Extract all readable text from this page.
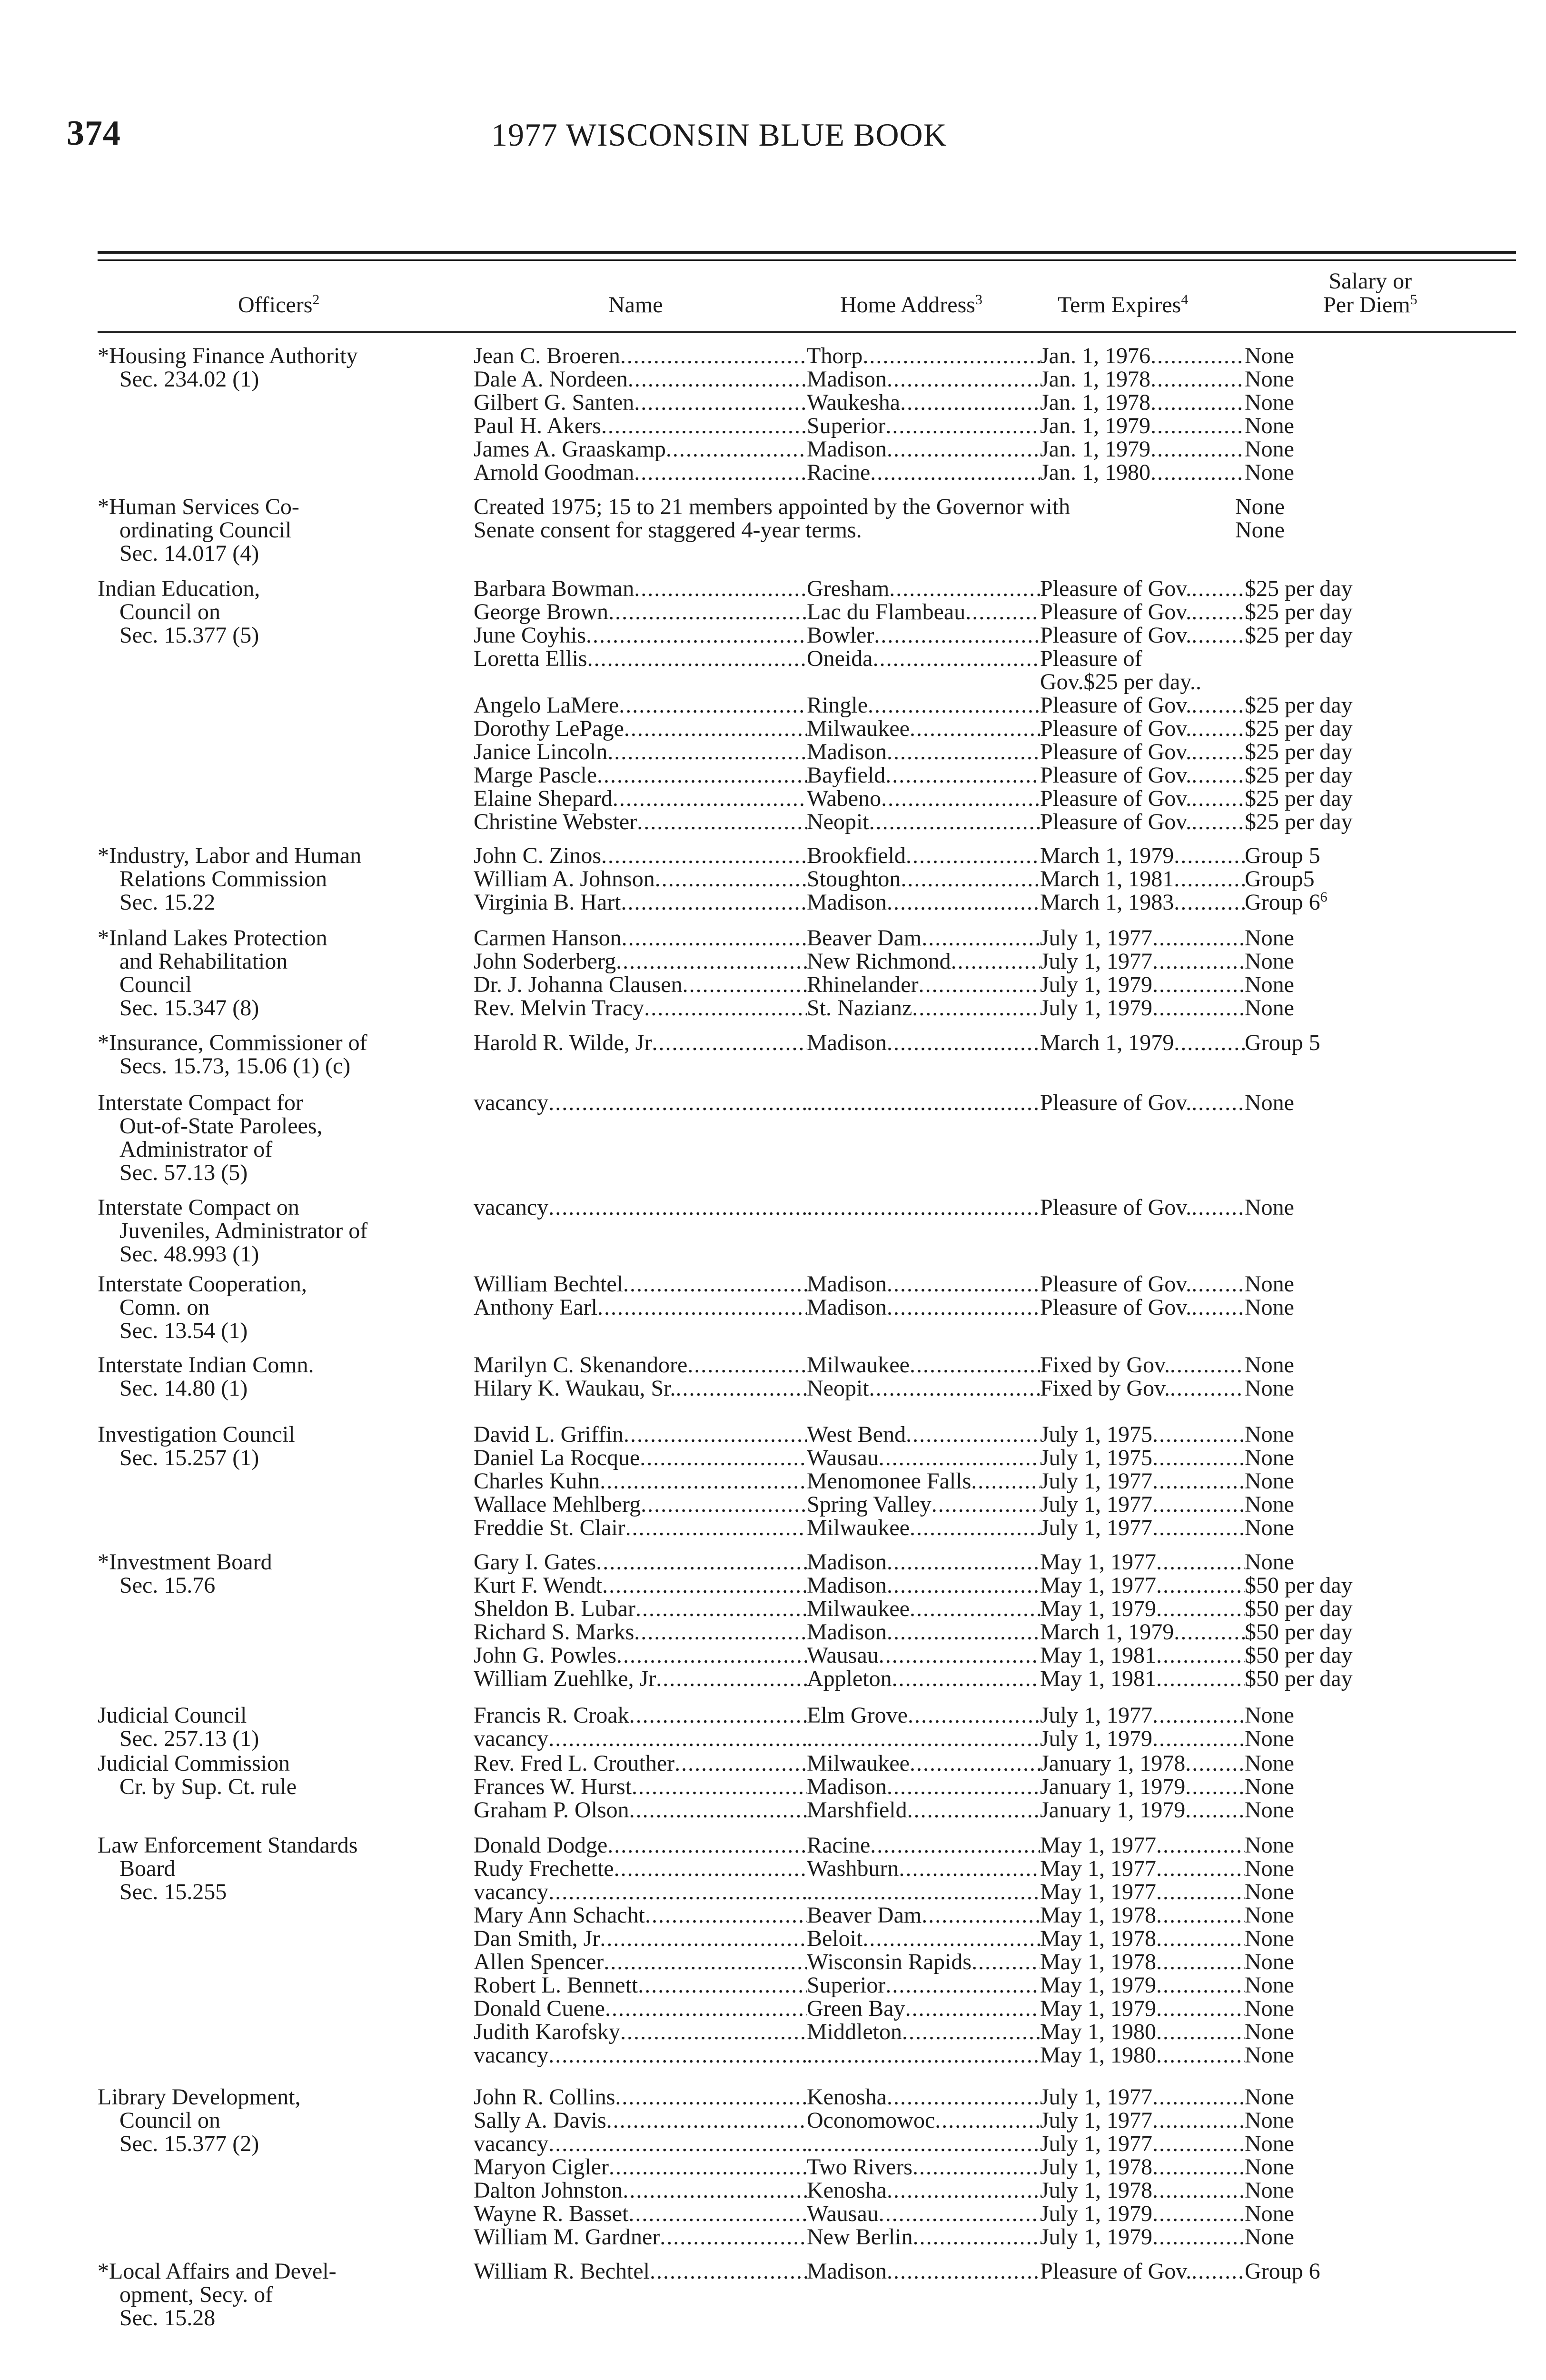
374	1977 WISCONSIN BLUE BOOK
Officers$^2$	Name	Home Address$^3$	Term Expires$^4$
Salary or
Per Diem$^5$
*Housing Finance Authority
Sec. 234.02 (1)
Jean C. Broeren .....	Thorp .....	Jan. 1, 1976 .....	None
Dale A. Nordeen .....	Madison .....	Jan. 1, 1978 .....	None
Gilbert G. Santen .....	Waukesha .....	Jan. 1, 1978 .....	None
Paul H. Akers .....	Superior .....	Jan. 1, 1979 .....	None
James A. Graaskamp .....	Madison .....	Jan. 1, 1979 .....	None
Arnold Goodman .....	Racine .....	Jan. 1, 1980 .....	None
*Human Services Co-
ordinating Council
Sec. 14.017 (4)
Created 1975; 15 to 21 members appointed by the Governor with	None
Senate consent for staggered 4-year terms.	None
Indian Education,
Council on
Sec. 15.377 (5)
Barbara Bowman .....	Gresham .....	Pleasure of Gov. ..... $25 per day
George Brown .....	Lac du Flambeau .....	Pleasure of Gov. ..... $25 per day
June Coyhis .....	Bowler .....	Pleasure of Gov. ..... $25 per day
Loretta Ellis .....	Oneida .....	Pleasure of
Gov.$25 per day..
Angelo LaMere .....	Ringle .....	Pleasure of Gov. ..... $25 per day
Dorothy LePage .....	Milwaukee .....	Pleasure of Gov. ..... $25 per day
Janice Lincoln .....	Madison .....	Pleasure of Gov. ..... $25 per day
Marge Pascle .....	Bayfield .....	Pleasure of Gov. ..... $25 per day
Elaine Shepard .....	Wabeno .....	Pleasure of Gov. ..... $25 per day
Christine Webster .....	Neopit .....	Pleasure of Gov. ..... $25 per day
*Industry, Labor and Human
Relations Commission
Sec. 15.22
John C. Zinos .....	Brookfield .....	March 1, 1979 .....	Group 5
William A. Johnson .....	Stoughton .....	March 1, 1981 .....	Group5
Virginia B. Hart .....	Madison .....	March 1, 1983 .....	Group $6^6$
*Inland Lakes Protection
and Rehabilitation
Council
Sec. 15.347 (8)
Carmen Hanson .....	Beaver Dam .....	July 1, 1977 .....	None
John Soderberg .....	New Richmond .....	July 1, 1977 .....	None
Dr. J. Johanna Clausen .....	Rhinelander .....	July 1, 1979 .....	None
Rev. Melvin Tracy .....	St. Nazianz .....	July 1, 1979 .....	None
*Insurance, Commissioner of
Secs. 15.73, 15.06 (1) (c)
Harold R. Wilde, Jr .....	Madison .....	March 1, 1979 .....	Group 5
Interstate Compact for
Out-of-State Parolees,
Administrator of
Sec. 57.13 (5)
vacancy ..... .....	Pleasure of Gov. ..... None
Interstate Compact on
Juveniles, Administrator of
Sec. 48.993 (1)
vacancy ..... .....	Pleasure of Gov. ..... None
Interstate Cooperation,
Comn. on
Sec. 13.54 (1)
William Bechtel .....	Madison .....	Pleasure of Gov. ..... None
Anthony Earl .....	Madison .....	Pleasure of Gov. ..... None
Interstate Indian Comn.
Sec. 14.80 (1)
Marilyn C. Skenandore .....	Milwaukee .....	Fixed by Gov. .....	None
Hilary K. Waukau, Sr. .....	Neopit .....	Fixed by Gov. .....	None
Investigation Council
Sec. 15.257 (1)
David L. Griffin .....	West Bend .....	July 1, 1975 .....	None
Daniel La Rocque .....	Wausau .....	July 1, 1975 .....	None
Charles Kuhn .....	Menomonee Falls .....	July 1, 1977 .....	None
Wallace Mehlberg .....	Spring Valley .....	July 1, 1977 .....	None
Freddie St. Clair .....	Milwaukee .....	July 1, 1977 .....	None
*Investment Board
Sec. 15.76
Gary I. Gates .....	Madison .....	May 1, 1977 .....	None
Kurt F. Wendt .....	Madison .....	May 1, 1977 .....	$50 per day
Sheldon B. Lubar .....	Milwaukee .....	May 1, 1979 .....	$50 per day
Richard S. Marks .....	Madison .....	March 1, 1979 .....	$50 per day
John G. Powles .....	Wausau .....	May 1, 1981 .....	$50 per day
William Zuehlke, Jr .....	Appleton .....	May 1, 1981 .....	$50 per day
Judicial Council
Sec. 257.13 (1)
Francis R. Croak .....	Elm Grove .....	July 1, 1977 .....	None
vacancy ..... .....	July 1, 1979 .....	None
Judicial Commission
Cr. by Sup. Ct. rule
Rev. Fred L. Crouther .....	Milwaukee .....	January 1, 1978 .....	None
Frances W. Hurst .....	Madison .....	January 1, 1979 .....	None
Graham P. Olson .....	Marshfield .....	January 1, 1979 .....	None
Law Enforcement Standards
Board
Sec. 15.255
Donald Dodge .....	Racine .....	May 1, 1977 .....	None
Rudy Frechette .....	Washburn .....	May 1, 1977 .....	None
vacancy ..... .....	May 1, 1977 .....	None
Mary Ann Schacht .....	Beaver Dam .....	May 1, 1978 .....	None
Dan Smith, Jr .....	Beloit .....	May 1, 1978 .....	None
Allen Spencer .....	Wisconsin Rapids .....	May 1, 1978 .....	None
Robert L. Bennett .....	Superior .....	May 1, 1979 .....	None
Donald Cuene .....	Green Bay .....	May 1, 1979 .....	None
Judith Karofsky .....	Middleton .....	May 1, 1980 .....	None
vacancy ..... .....	May 1, 1980 .....	None
Library Development,
Council on
Sec. 15.377 (2)
John R. Collins .....	Kenosha .....	July 1, 1977 .....	None
Sally A. Davis .....	Oconomowoc .....	July 1, 1977 .....	None
vacancy ..... .....	July 1, 1977 .....	None
Maryon Cigler .....	Two Rivers .....	July 1, 1978 .....	None
Dalton Johnston .....	Kenosha .....	July 1, 1978 .....	None
Wayne R. Basset .....	Wausau .....	July 1, 1979 .....	None
William M. Gardner .....	New Berlin .....	July 1, 1979 .....	None
*Local Affairs and Devel-
opment, Secy. of
Sec. 15.28
William R. Bechtel .....	Madison .....	Pleasure of Gov. ..... Group 6
